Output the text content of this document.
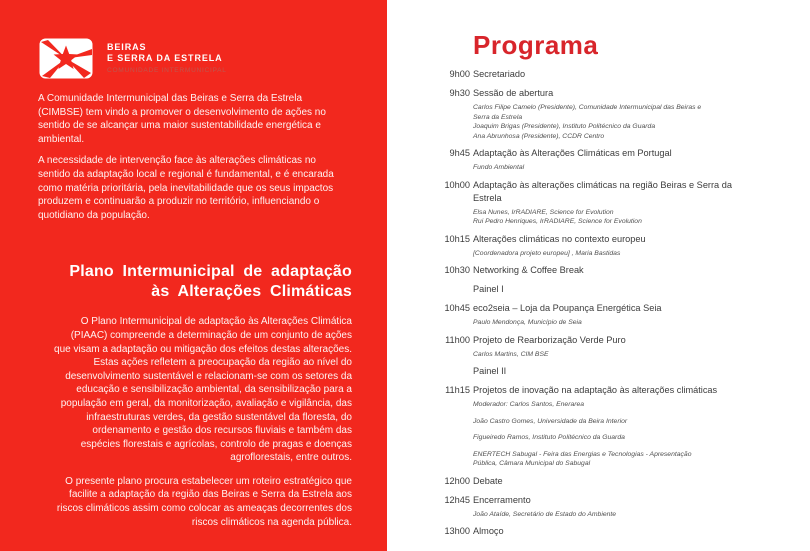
BEIRAS
E SERRA DA ESTRELA
COMUNIDADE INTERMUNICIPAL

A Comunidade Intermunicipal das Beiras e Serra da Estrela (CIMBSE) tem vindo a promover o desenvolvimento de ações no sentido de se alcançar uma maior sustentabilidade energética e ambiental.

A necessidade de intervenção face às alterações climáticas no sentido da adaptação local e regional é fundamental, e é encarada como matéria prioritária, pela inevitabilidade que os seus impactos produzem e continuarão a produzir no território, influenciando o quotidiano da população.

Plano Intermunicipal de adaptação
às Alterações Climáticas

O Plano Intermunicipal de adaptação às Alterações Climática (PIAAC) compreende a determinação de um conjunto de ações que visam a adaptação ou mitigação dos efeitos destas alterações. Estas ações refletem a preocupação da região ao nível do desenvolvimento sustentável e relacionam-se com os setores da educação e sensibilização ambiental, da sensibilização para a população em geral, da monitorização, avaliação e vigilância, das infraestruturas verdes, da gestão sustentável da floresta, do ordenamento e gestão dos recursos fluviais e também das espécies florestais e agrícolas, controlo de pragas e doenças agroflorestais, entre outros.

O presente plano procura estabelecer um roteiro estratégico que facilite a adaptação da região das Beiras e Serra da Estrela aos riscos climáticos assim como colocar as ameaças decorrentes dos riscos climáticos na agenda pública.

Programa
9h00 Secretariado
9h30 Sessão de abertura
Carlos Filipe Camelo (Presidente), Comunidade Intermunicipal das Beiras e Serra da Estrela
Joaquim Brigas (Presidente), Instituto Politécnico da Guarda
Ana Abrunhosa (Presidente), CCDR Centro
9h45 Adaptação às Alterações Climáticas em Portugal
Fundo Ambiental
10h00 Adaptação às alterações climáticas na região Beiras e Serra da Estrela
Elsa Nunes, IrRADIARE, Science for Evolution
Rui Pedro Henriques, IrRADIARE, Science for Evolution
10h15 Alterações climáticas no contexto europeu
[Coordenadora projeto europeu] , Maria Bastidas
10h30 Networking & Coffee Break
Painel I
10h45 eco2seia – Loja da Poupança Energética Seia
Paulo Mendonça, Município de Seia
11h00 Projeto de Rearborização Verde Puro
Carlos Martins, CIM BSE
Painel II
11h15 Projetos de inovação na adaptação às alterações climáticas
Moderador: Carlos Santos, Enerarea
João Castro Gomes, Universidade da Beira Interior
Figueiredo Ramos, Instituto Politécnico da Guarda
ENERTECH Sabugal - Feira das Energias e Tecnologias - Apresentação Pública, Câmara Municipal do Sabugal
12h00 Debate
12h45 Encerramento
João Ataíde, Secretário de Estado do Ambiente
13h00 Almoço
